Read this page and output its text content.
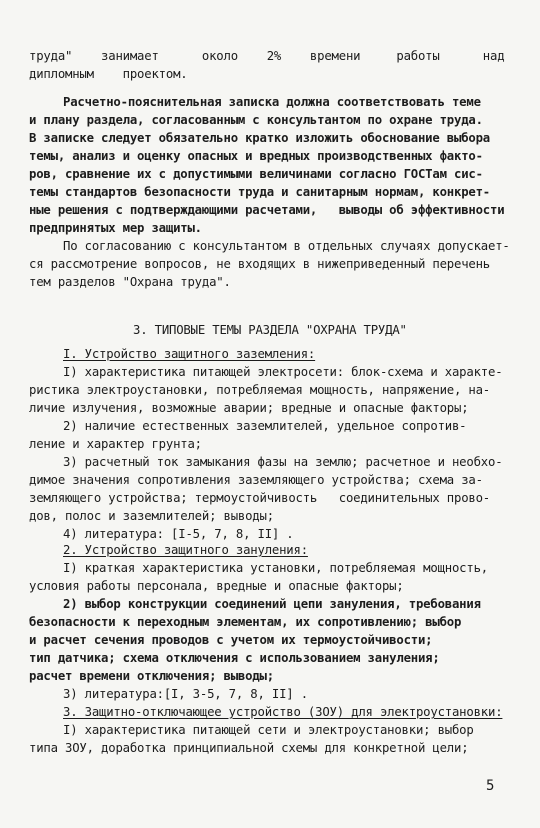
труда"    занимает      около    2%    времени     работы      над
дипломным    проектом.
Расчетно-пояснительная записка должна соответствовать теме
и плану раздела, согласованным с консультантом по охране труда.
В записке следует обязательно кратко изложить обоснование выбора
темы, анализ и оценку опасных и вредных производственных факто-
ров, сравнение их с допустимыми величинами согласно ГОСТам сис-
темы стандартов безопасности труда и санитарным нормам, конкрет-
ные решения с подтверждающими расчетами,   выводы об эффективности
предпринятых мер защиты.
По согласованию с консультантом в отдельных случаях допускает-
ся рассмотрение вопросов, не входящих в нижеприведенный перечень
тем разделов "Охрана труда".
3. ТИПОВЫЕ ТЕМЫ РАЗДЕЛА "ОХРАНА ТРУДА"
I. Устройство защитного заземления:
I) характеристика питающей электросети: блок-схема и характе-
ристика электроустановки, потребляемая мощность, напряжение, на-
личие излучения, возможные аварии; вредные и опасные факторы;
2) наличие естественных заземлителей, удельное сопротив-
ление и характер грунта;
3) расчетный ток замыкания фазы на землю; расчетное и необхо-
димое значения сопротивления заземляющего устройства; схема за-
земляющего устройства; термоустойчивость   соединительных прово-
дов, полос и заземлителей; выводы;
4) литература: [I-5, 7, 8, II] .
2. Устройство защитного зануления:
I) краткая характеристика установки, потребляемая мощность,
условия работы персонала, вредные и опасные факторы;
2) выбор конструкции соединений цепи зануления, требования
безопасности к переходным элементам, их сопротивлению; выбор
и расчет сечения проводов с учетом их термоустойчивости;
тип датчика; схема отключения с использованием зануления;
расчет времени отключения; выводы;
3) литература:[I, 3-5, 7, 8, II] .
3. Защитно-отключающее устройство (ЗОУ) для электроустановки:
I) характеристика питающей сети и электроустановки; выбор
типа ЗОУ, доработка принципиальной схемы для конкретной цели;
5
